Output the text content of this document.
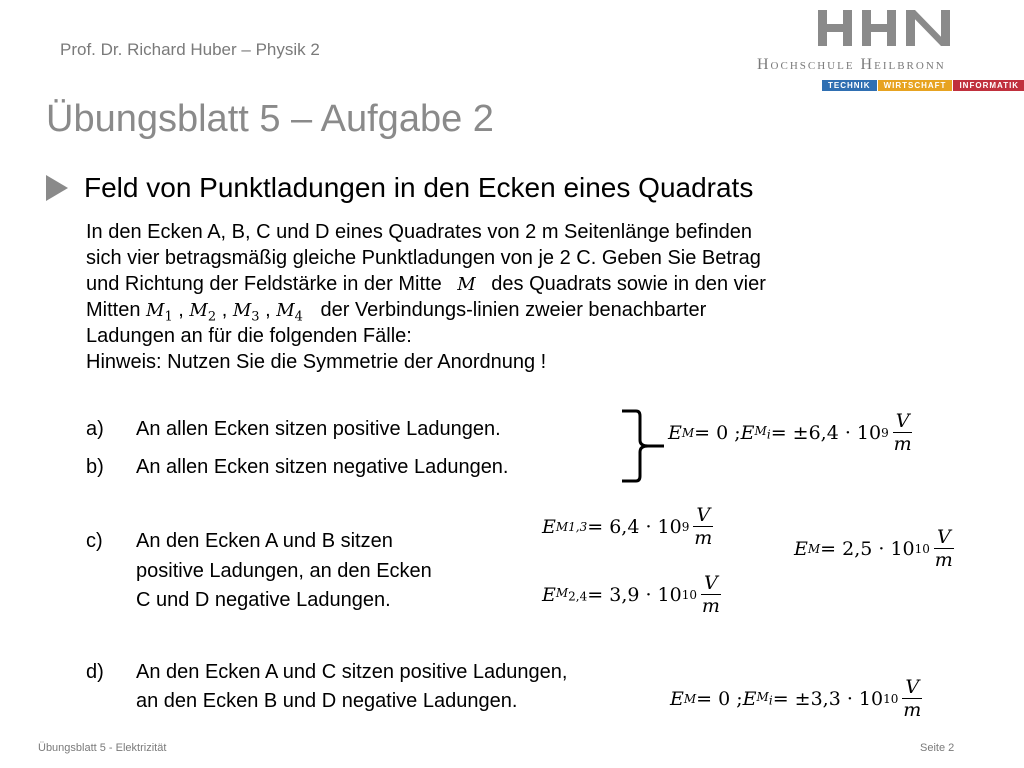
Prof. Dr. Richard Huber – Physik 2
Hochschule Heilbronn
TECHNIK	WIRTSCHAFT	INFORMATIK
Übungsblatt 5 – Aufgabe 2
Feld von Punktladungen in den Ecken eines Quadrats
In den Ecken A, B, C und D eines Quadrates von 2 m Seitenlänge befinden
sich vier betragsmäßig gleiche Punktladungen von je 2 C. Geben Sie Betrag
und Richtung der Feldstärke in der Mitte M des Quadrats sowie in den vier
Mitten $M_1$ , $M_2$ , $M_3$ , $M_4$ der Verbindungs-linien zweier benachbarter
Ladungen an für die folgenden Fälle:
Hinweis: Nutzen Sie die Symmetrie der Anordnung !
a) An allen Ecken sitzen positive Ladungen.
b) An allen Ecken sitzen negative Ladungen.
E M = 0 ; E $M_i = \pm 6,4 \cdot 10$ $9 \frac{V}{m}$
c) An den Ecken A und B sitzen
positive Ladungen, an den Ecken
C und D negative Ladungen.
E M1,3 = 6,4 · 10 $9 \frac{V}{m}$
E $M_{2,4} = 3,9 \cdot 10$ $10 \frac{V}{m}$
E M = 2,5 · 10 $10 \frac{V}{m}$
d) An den Ecken A und C sitzen positive Ladungen,
an den Ecken B und D negative Ladungen.	E M = 0 ; E $M_i = \pm 3,3 \cdot 10$ $10 \frac{V}{m}$
Übungsblatt 5 - Elektrizität	Seite 2
